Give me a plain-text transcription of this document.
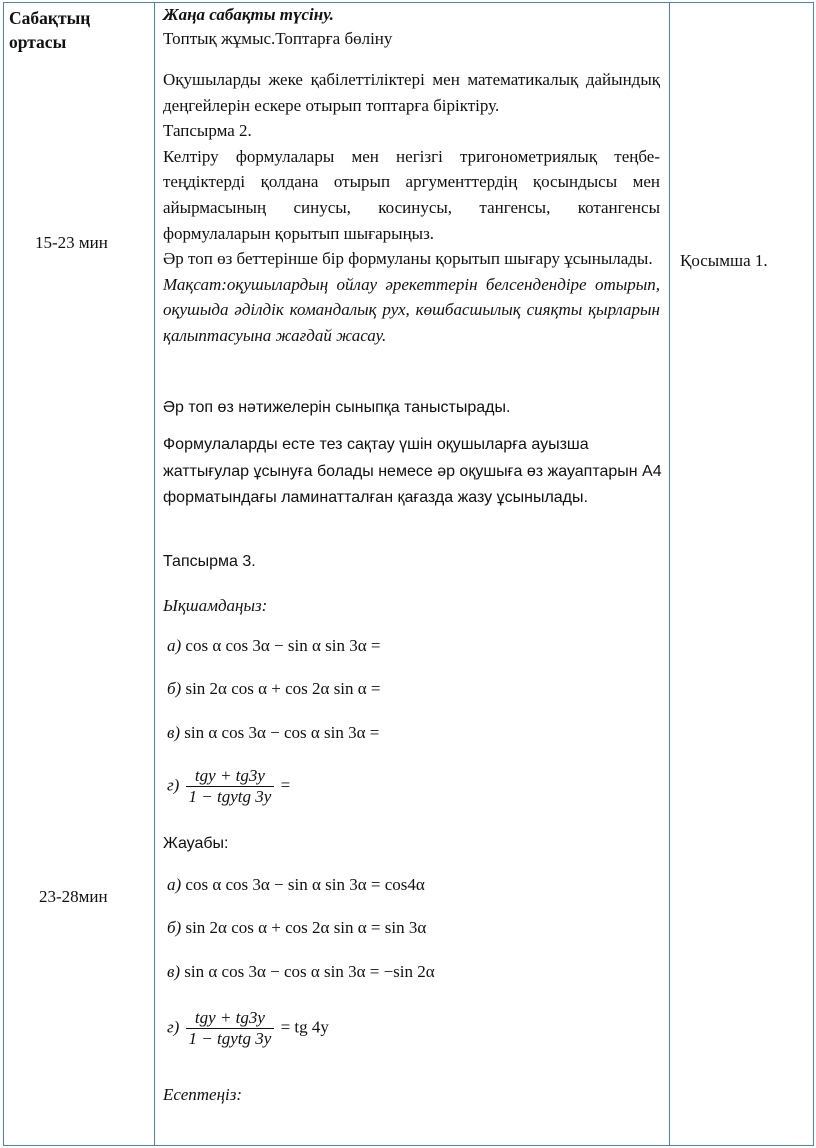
Сабақтың
ортасы
15-23 мин
23-28мин
Қосымша 1.
Жаңа сабақты түсіну.
Топтық жұмыс.Топтарға бөліну
Оқушыларды жеке қабілеттіліктері мен математикалық дайындық деңгейлерін ескере отырып топтарға біріктіру.
Тапсырма 2.
Келтіру формулалары мен негізгі тригонометриялық теңбе-теңдіктерді қолдана отырып аргументтердің қосындысы мен айырмасының синусы, косинусы, тангенсы, котангенсы формулаларын қорытып шығарыңыз.
Әр топ өз беттерінше бір формуланы қорытып шығару ұсынылады.
Мақсат:оқушылардың ойлау әрекеттерін белсендендіре отырып, оқушыда әділдік командалық рух, көшбасшылық сияқты қырларын қалыптасуына жағдай жасау.
Әр топ өз нәтижелерін сыныпқа таныстырады.
Формулаларды есте тез сақтау үшін оқушыларға ауызша жаттығулар ұсынуға болады немесе әр оқушыға өз жауаптарын А4 форматындағы ламинатталған қағазда жазу ұсынылады.
Тапсырма 3.
Ықшамдаңыз:
а) cos α cos 3α − sin α sin 3α =
б) sin 2α cos α + cos 2α sin α =
в) sin α cos 3α − cos α sin 3α =
$г) \frac{\text{tgy + tg3y}}{\text{1 − tgytg 3y}}$ =
Жауабы:
а) cos α cos 3α − sin α sin 3α = cos4α
б) sin 2α cos α + cos 2α sin α = sin 3α
в) sin α cos 3α − cos α sin 3α = −sin 2α
$г) \frac{\text{tgy + tg3y}}{\text{1 − tgytg 3y}}$ = tg 4y
Есептеңіз:
